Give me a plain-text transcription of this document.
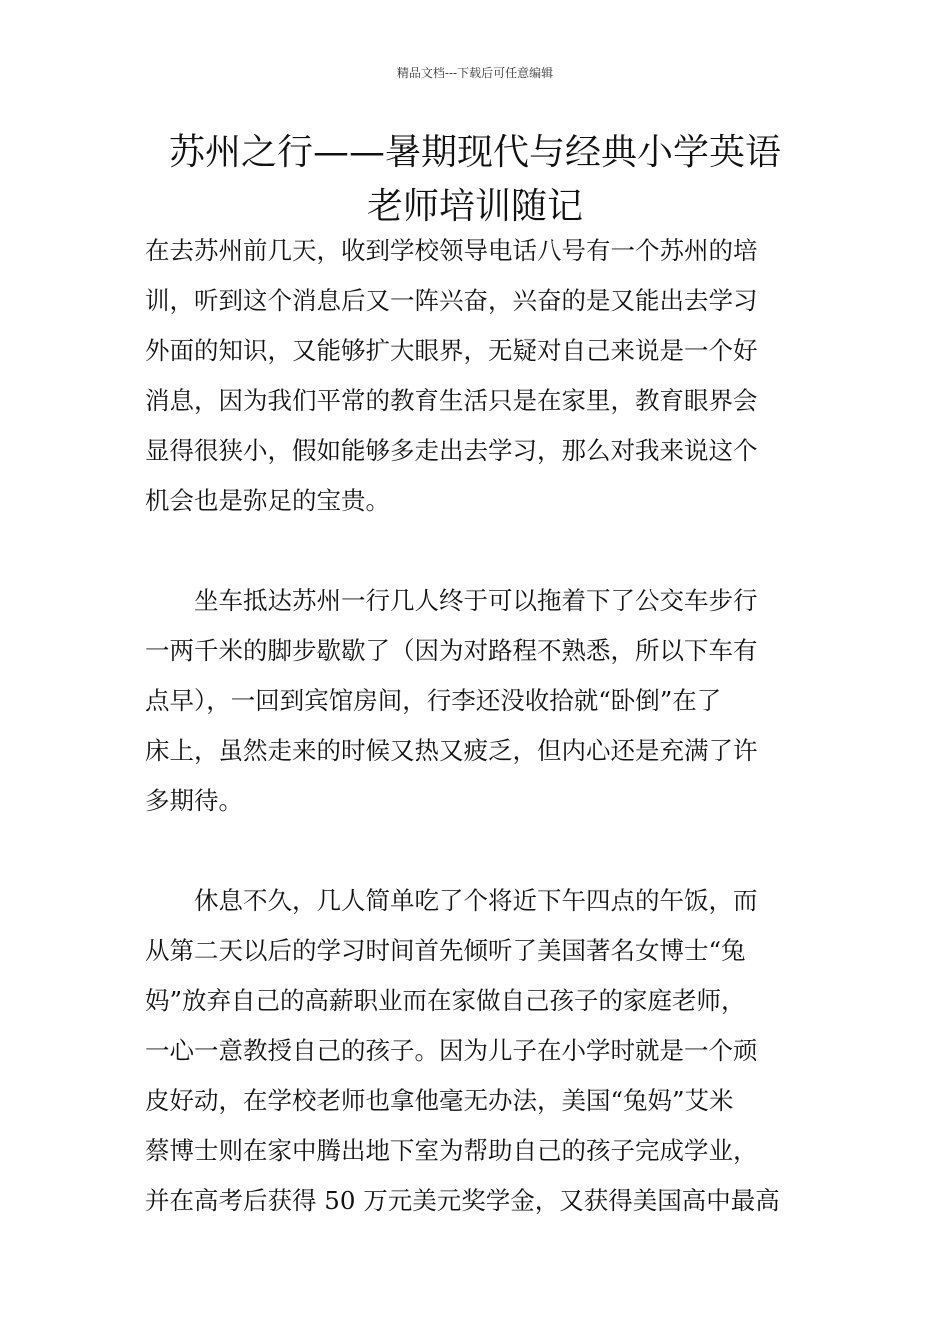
精品文档---下载后可任意编辑
苏州之行——暑期现代与经典小学英语
老师培训随记
在去苏州前几天，收到学校领导电话八号有一个苏州的培
训，听到这个消息后又一阵兴奋，兴奋的是又能出去学习
外面的知识，又能够扩大眼界，无疑对自己来说是一个好
消息，因为我们平常的教育生活只是在家里，教育眼界会
显得很狭小，假如能够多走出去学习，那么对我来说这个
机会也是弥足的宝贵。
　　坐车抵达苏州一行几人终于可以拖着下了公交车步行
一两千米的脚步歇歇了（因为对路程不熟悉，所以下车有
点早），一回到宾馆房间，行李还没收拾就“卧倒”在了
床上，虽然走来的时候又热又疲乏，但内心还是充满了许
多期待。
　　休息不久，几人简单吃了个将近下午四点的午饭，而
从第二天以后的学习时间首先倾听了美国著名女博士“兔
妈”放弃自己的高薪职业而在家做自己孩子的家庭老师，
一心一意教授自己的孩子。因为儿子在小学时就是一个顽
皮好动，在学校老师也拿他毫无办法，美国“兔妈”艾米
蔡博士则在家中腾出地下室为帮助自己的孩子完成学业，
并在高考后获得 50 万元美元奖学金，又获得美国高中最高
